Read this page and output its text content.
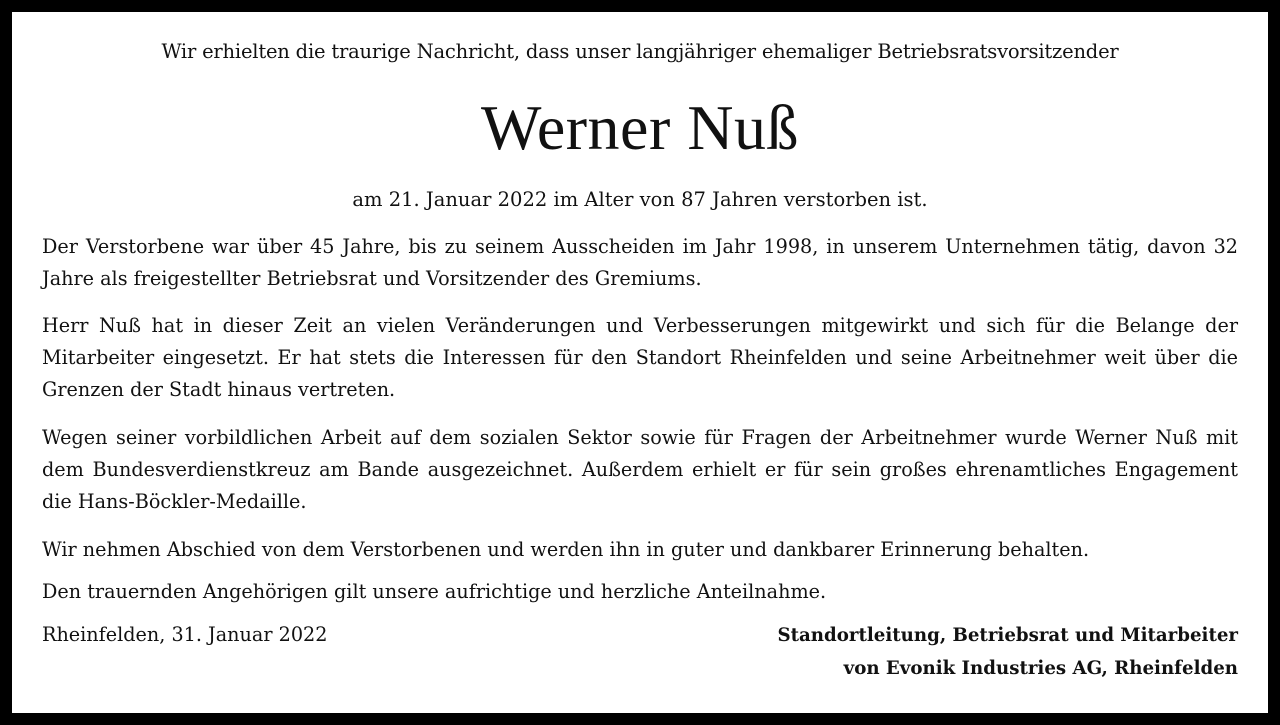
Wir erhielten die traurige Nachricht, dass unser langjähriger ehemaliger Betriebsratsvorsitzender
Werner Nuß
am 21. Januar 2022 im Alter von 87 Jahren verstorben ist.
Der Verstorbene war über 45 Jahre, bis zu seinem Ausscheiden im Jahr 1998, in unserem Unternehmen tätig, davon 32 Jahre als freigestellter Betriebsrat und Vorsitzender des Gremiums.
Herr Nuß hat in dieser Zeit an vielen Veränderungen und Verbesserungen mitgewirkt und sich für die Belange der Mitarbeiter eingesetzt. Er hat stets die Interessen für den Standort Rheinfelden und seine Arbeitnehmer weit über die Grenzen der Stadt hinaus vertreten.
Wegen seiner vorbildlichen Arbeit auf dem sozialen Sektor sowie für Fragen der Arbeitnehmer wurde Werner Nuß mit dem Bundesverdienstkreuz am Bande ausgezeichnet. Außerdem erhielt er für sein großes ehrenamtliches Engagement die Hans-Böckler-Medaille.
Wir nehmen Abschied von dem Verstorbenen und werden ihn in guter und dankbarer Erinnerung behalten.
Den trauernden Angehörigen gilt unsere aufrichtige und herzliche Anteilnahme.
Rheinfelden, 31. Januar 2022	Standortleitung, Betriebsrat und Mitarbeiter
von Evonik Industries AG, Rheinfelden
